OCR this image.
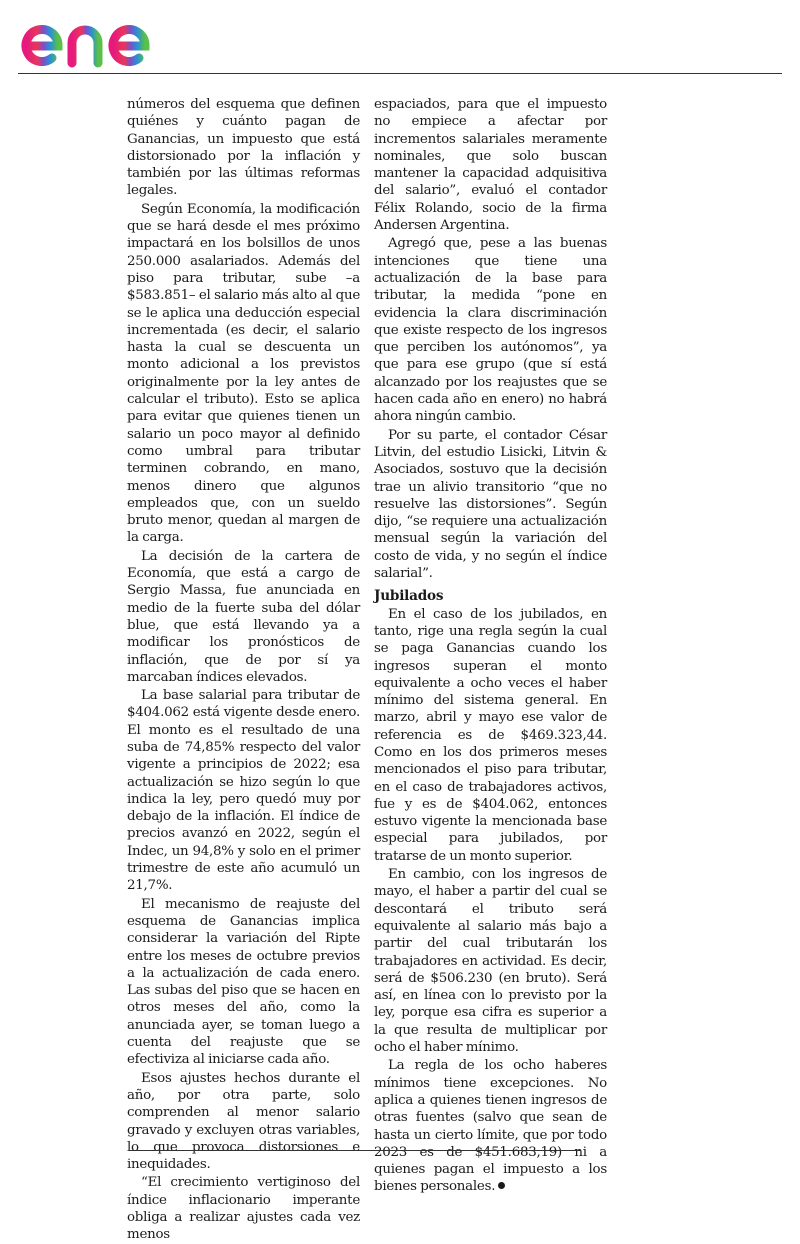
números del esquema que definen quiénes y cuánto pagan de Ganancias, un impuesto que está distorsionado por la inflación y también por las últimas reformas legales.

Según Economía, la modificación que se hará desde el mes próximo impactará en los bolsillos de unos 250.000 asalariados. Además del piso para tributar, sube –a $583.851– el salario más alto al que se le aplica una deducción especial incrementada (es decir, el salario hasta la cual se descuenta un monto adicional a los previstos originalmente por la ley antes de calcular el tributo). Esto se aplica para evitar que quienes tienen un salario un poco mayor al definido como umbral para tributar terminen cobrando, en mano, menos dinero que algunos empleados que, con un sueldo bruto menor, quedan al margen de la carga.

La decisión de la cartera de Economía, que está a cargo de Sergio Massa, fue anunciada en medio de la fuerte suba del dólar blue, que está llevando ya a modificar los pronósticos de inflación, que de por sí ya marcaban índices elevados.

La base salarial para tributar de $404.062 está vigente desde enero. El monto es el resultado de una suba de 74,85% respecto del valor vigente a principios de 2022; esa actualización se hizo según lo que indica la ley, pero quedó muy por debajo de la inflación. El índice de precios avanzó en 2022, según el Indec, un 94,8% y solo en el primer trimestre de este año acumuló un 21,7%.

El mecanismo de reajuste del esquema de Ganancias implica considerar la variación del Ripte entre los meses de octubre previos a la actualización de cada enero. Las subas del piso que se hacen en otros meses del año, como la anunciada ayer, se toman luego a cuenta del reajuste que se efectiviza al iniciarse cada año.

Esos ajustes hechos durante el año, por otra parte, solo comprenden al menor salario gravado y excluyen otras variables, lo que provoca distorsiones e inequidades.

“El crecimiento vertiginoso del índice inflacionario imperante obliga a realizar ajustes cada vez menos

espaciados, para que el impuesto no empiece a afectar por incrementos salariales meramente nominales, que solo buscan mantener la capacidad adquisitiva del salario”, evaluó el contador Félix Rolando, socio de la firma Andersen Argentina.

Agregó que, pese a las buenas intenciones que tiene una actualización de la base para tributar, la medida “pone en evidencia la clara discriminación que existe respecto de los ingresos que perciben los autónomos”, ya que para ese grupo (que sí está alcanzado por los reajustes que se hacen cada año en enero) no habrá ahora ningún cambio.

Por su parte, el contador César Litvin, del estudio Lisicki, Litvin & Asociados, sostuvo que la decisión trae un alivio transitorio “que no resuelve las distorsiones”. Según dijo, “se requiere una actualización mensual según la variación del costo de vida, y no según el índice salarial”.

Jubilados

En el caso de los jubilados, en tanto, rige una regla según la cual se paga Ganancias cuando los ingresos superan el monto equivalente a ocho veces el haber mínimo del sistema general. En marzo, abril y mayo ese valor de referencia es de $469.323,44. Como en los dos primeros meses mencionados el piso para tributar, en el caso de trabajadores activos, fue y es de $404.062, entonces estuvo vigente la mencionada base especial para jubilados, por tratarse de un monto superior.

En cambio, con los ingresos de mayo, el haber a partir del cual se descontará el tributo será equivalente al salario más bajo a partir del cual tributarán los trabajadores en actividad. Es decir, será de $506.230 (en bruto). Será así, en línea con lo previsto por la ley, porque esa cifra es superior a la que resulta de multiplicar por ocho el haber mínimo.

La regla de los ocho haberes mínimos tiene excepciones. No aplica a quienes tienen ingresos de otras fuentes (salvo que sean de hasta un cierto límite, que por todo 2023 es de $451.683,19) ni a quienes pagan el impuesto a los bienes personales.
